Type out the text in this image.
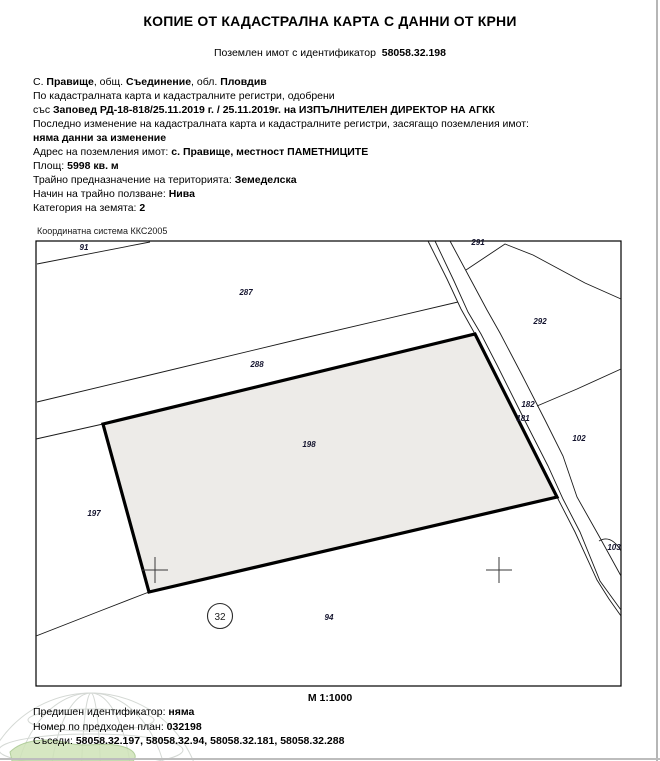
КОПИЕ ОТ КАДАСТРАЛНА КАРТА С ДАННИ ОТ КРНИ
Поземлен имот с идентификатор 58058.32.198
С. Правище, общ. Съединение, обл. Пловдив
По кадастралната карта и кадастралните регистри, одобрени
със Заповед РД-18-818/25.11.2019 г. / 25.11.2019г. на ИЗПЪЛНИТЕЛЕН ДИРЕКТОР НА АГКК
Последно изменение на кадастралната карта и кадастралните регистри, засягащо поземления имот:
няма данни за изменение
Адрес на поземления имот: с. Правище, местност ПАМЕТНИЦИТЕ
Площ: 5998 кв. м
Трайно предназначение на територията: Земеделска
Начин на трайно ползване: Нива
Категория на земята: 2
Координатна система ККС2005
32
91
287
288
291
292
182
181
102
103
197
198
94
М 1:1000
Предишен идентификатор: няма
Номер по предходен план: 032198
Съседи: 58058.32.197, 58058.32.94, 58058.32.181, 58058.32.288
